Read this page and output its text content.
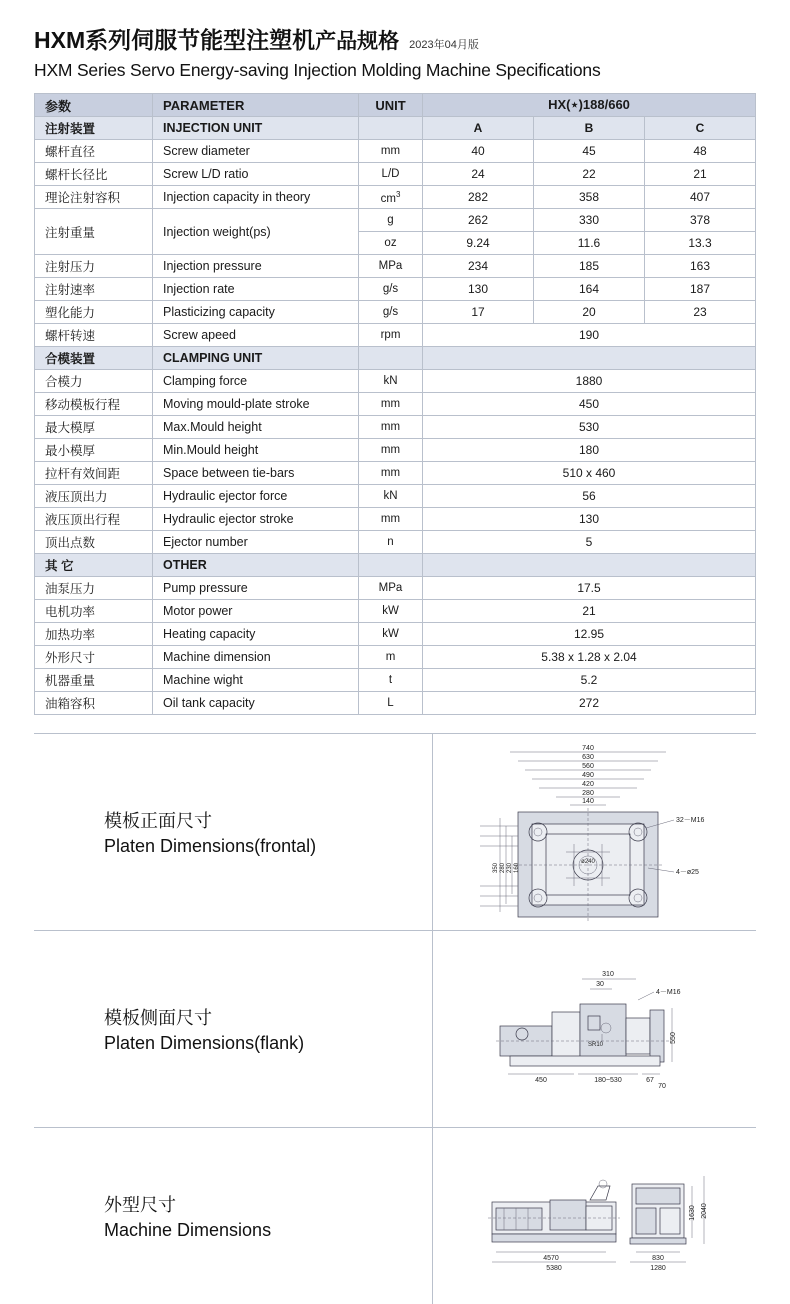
HXM系列伺服节能型注塑机 产品规格 2023年04月版
HXM Series Servo Energy-saving Injection Molding Machine Specifications
参数	PARAMETER	UNIT	HX(⋆)188/660		
注射装置	INJECTION UNIT		A	B	C
螺杆直径	Screw diameter	mm	40	45	48
螺杆长径比	Screw L/D ratio	L/D	24	22	21
理论注射容积	Injection capacity in theory	$cm^3$	282	358	407
注射重量	Injection weight(ps)	g	262	330	378
		oz	9.24	11.6	13.3
注射压力	Injection pressure	MPa	234	185	163
注射速率	Injection rate	g/s	130	164	187
塑化能力	Plasticizing capacity	g/s	17	20	23
螺杆转速	Screw apeed	rpm	190		
合模装置	CLAMPING UNIT				
合模力	Clamping force	kN	1880		
移动模板行程	Moving mould-plate stroke	mm	450		
最大模厚	Max.Mould height	mm	530		
最小模厚	Min.Mould height	mm	180		
拉杆有效间距	Space between tie-bars	mm	510 x 460		
液压顶出力	Hydraulic ejector force	kN	56		
液压顶出行程	Hydraulic ejector stroke	mm	130		
顶出点数	Ejector number	n	5		
其 它	OTHER				
油泵压力	Pump pressure	MPa	17.5		
电机功率	Motor power	kW	21		
加热功率	Heating capacity	kW	12.95		
外形尺寸	Machine dimension	m	5.38 x 1.28 x 2.04		
机器重量	Machine wight	t	5.2		
油箱容积	Oil tank capacity	L	272		
模板正面尺寸
Platen Dimensions(frontal)
740
630
560
490
420
280
140
ø240
350 280 230 160
32－M16
4－ø25
模板侧面尺寸
Platen Dimensions(flank)
310
30
4－M16
SR10
550
450	180~530	67
70
外型尺寸
Machine Dimensions
4570
5380
830
1280
1630 2040
